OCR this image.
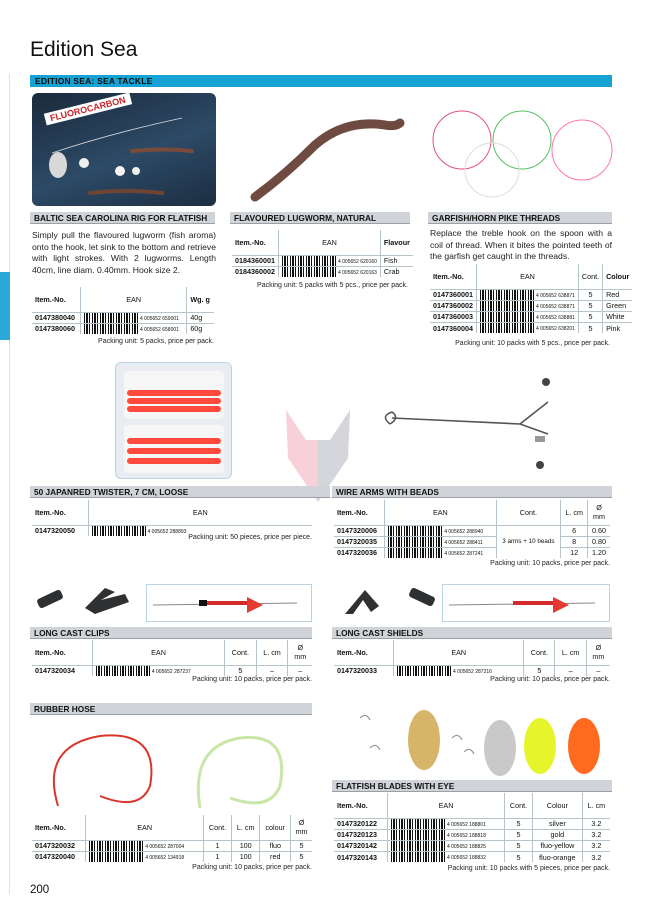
Edition Sea
EDITION SEA: SEA TACKLE
FLUOROCARBON
BALTIC SEA CAROLINA RIG FOR FLATFISH	FLAVOURED LUGWORM, NATURAL	GARFISH/HORN PIKE THREADS
Simply pull the flavoured lugworm (fish aroma) onto the hook, let sink to the bottom and retrieve with light strokes. With 2 lugworms. Length 40cm, line diam. 0.40mm. Hook size 2.
Item.-No.	EAN	Wg. g
0147380040	4 005652 659001	40g
0147380060	4 005652 658001	60g
Packing unit: 5 packs, price per pack.
Item.-No.	EAN	Flavour
0184360001	4 005652 620160	Fish
0184360002	4 005652 620163	Crab
Packing unit: 5 packs with 5 pcs., price per pack.
Replace the treble hook on the spoon with a coil of thread. When it bites the pointed teeth of the garfish get caught in the threads.
Item.-No.	EAN	Cont.	Colour
0147360001	4 005652 638871	5	Red
0147360002	4 005652 638871	5	Green
0147360003	4 005652 638881	5	White
0147360004	4 005652 638201	5	Pink
Packing unit: 10 packs with 5 pcs., price per pack.
50 JAPANRED TWISTER, 7 CM, LOOSE	WIRE ARMS WITH BEADS
Item.-No.	EAN
0147320050	4 005652 288893
Packing unit: 50 pieces, price per piece.
Item.-No.	EAN	Cont.	L. cm	Ø
mm
0147320006	4 005652 288940	3 arms + 10 beads	6	0.60
0147320035	4 005652 288411		8	0.80
0147320036	4 005652 287241		12	1.20
Packing unit: 10 packs, price per pack.
LONG CAST CLIPS	LONG CAST SHIELDS
Item.-No.	EAN	Cont.	L. cm	Ø
mm
0147320034	4 005652 287237	5	–	–
Packing unit: 10 packs, price per pack.
Item.-No.	EAN	Cont.	L. cm	Ø
mm
0147320033	4 005652 287216	5	–	–
Packing unit: 10 packs, price per pack.
RUBBER HOSE
Item.-No.	EAN	Cont.	L. cm	colour	Ø
mm
0147320032	4 005652 287004	1	100	fluo	5
0147320040	4 005652 134918	1	100	red	5
Packing unit: 10 packs, price per pack.
FLATFISH BLADES WITH EYE
Item.-No.	EAN	Cont.	Colour	L. cm
0147320122	4 005652 188801	5	silver	3.2
0147320123	4 005652 188818	5	gold	3.2
0147320142	4 005652 188825	5	fluo-yellow	3.2
0147320143	4 005652 188832	5	fluo-orange	3.2
Packing unit: 10 packs with 5 pieces, price per pack.
200
